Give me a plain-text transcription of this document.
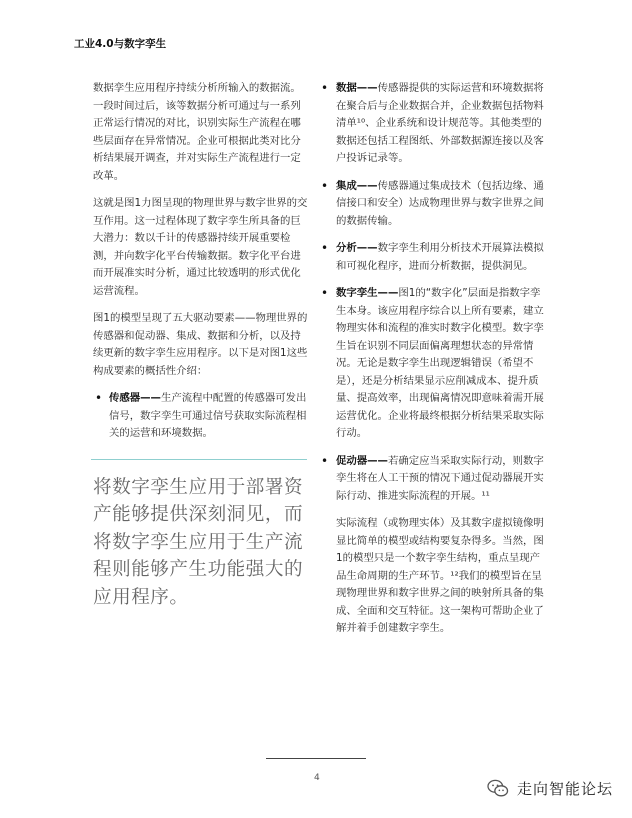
工业4.0与数字孪生

数据孪生应用程序持续分析所输入的数据流。一段时间过后，该等数据分析可通过与一系列正常运行情况的对比，识别实际生产流程在哪些层面存在异常情况。企业可根据此类对比分析结果展开调查，并对实际生产流程进行一定改革。

这就是图1力图呈现的物理世界与数字世界的交互作用。这一过程体现了数字孪生所具备的巨大潜力：数以千计的传感器持续开展重要检测，并向数字化平台传输数据。数字化平台进而开展准实时分析，通过比较透明的形式优化运营流程。

图1的模型呈现了五大驱动要素——物理世界的传感器和促动器、集成、数据和分析，以及持续更新的数字孪生应用程序。以下是对图1这些构成要素的概括性介绍：

• 传感器——生产流程中配置的传感器可发出信号，数字孪生可通过信号获取实际流程相关的运营和环境数据。
将数字孪生应用于部署资产能够提供深刻洞见，而将数字孪生应用于生产流程则能够产生功能强大的应用程序。
• 数据——传感器提供的实际运营和环境数据将在聚合后与企业数据合并，企业数据包括物料清单¹⁰、企业系统和设计规范等。其他类型的数据还包括工程图纸、外部数据源连接以及客户投诉记录等。
• 集成——传感器通过集成技术（包括边缘、通信接口和安全）达成物理世界与数字世界之间的数据传输。
• 分析——数字孪生利用分析技术开展算法模拟和可视化程序，进而分析数据，提供洞见。
• 数字孪生——图1的“数字化”层面是指数字孪生本身。该应用程序综合以上所有要素，建立物理实体和流程的准实时数字化模型。数字孪生旨在识别不同层面偏离理想状态的异常情况。无论是数字孪生出现逻辑错误（希望不是），还是分析结果显示应削减成本、提升质量、提高效率，出现偏离情况即意味着需开展运营优化。企业将最终根据分析结果采取实际行动。
• 促动器——若确定应当采取实际行动，则数字孪生将在人工干预的情况下通过促动器展开实际行动、推进实际流程的开展。¹¹

实际流程（或物理实体）及其数字虚拟镜像明显比简单的模型或结构要复杂得多。当然，图1的模型只是一个数字孪生结构，重点呈现产品生命周期的生产环节。¹²我们的模型旨在呈现物理世界和数字世界之间的映射所具备的集成、全面和交互特征。这一架构可帮助企业了解并着手创建数字孪生。

4
走向智能论坛
